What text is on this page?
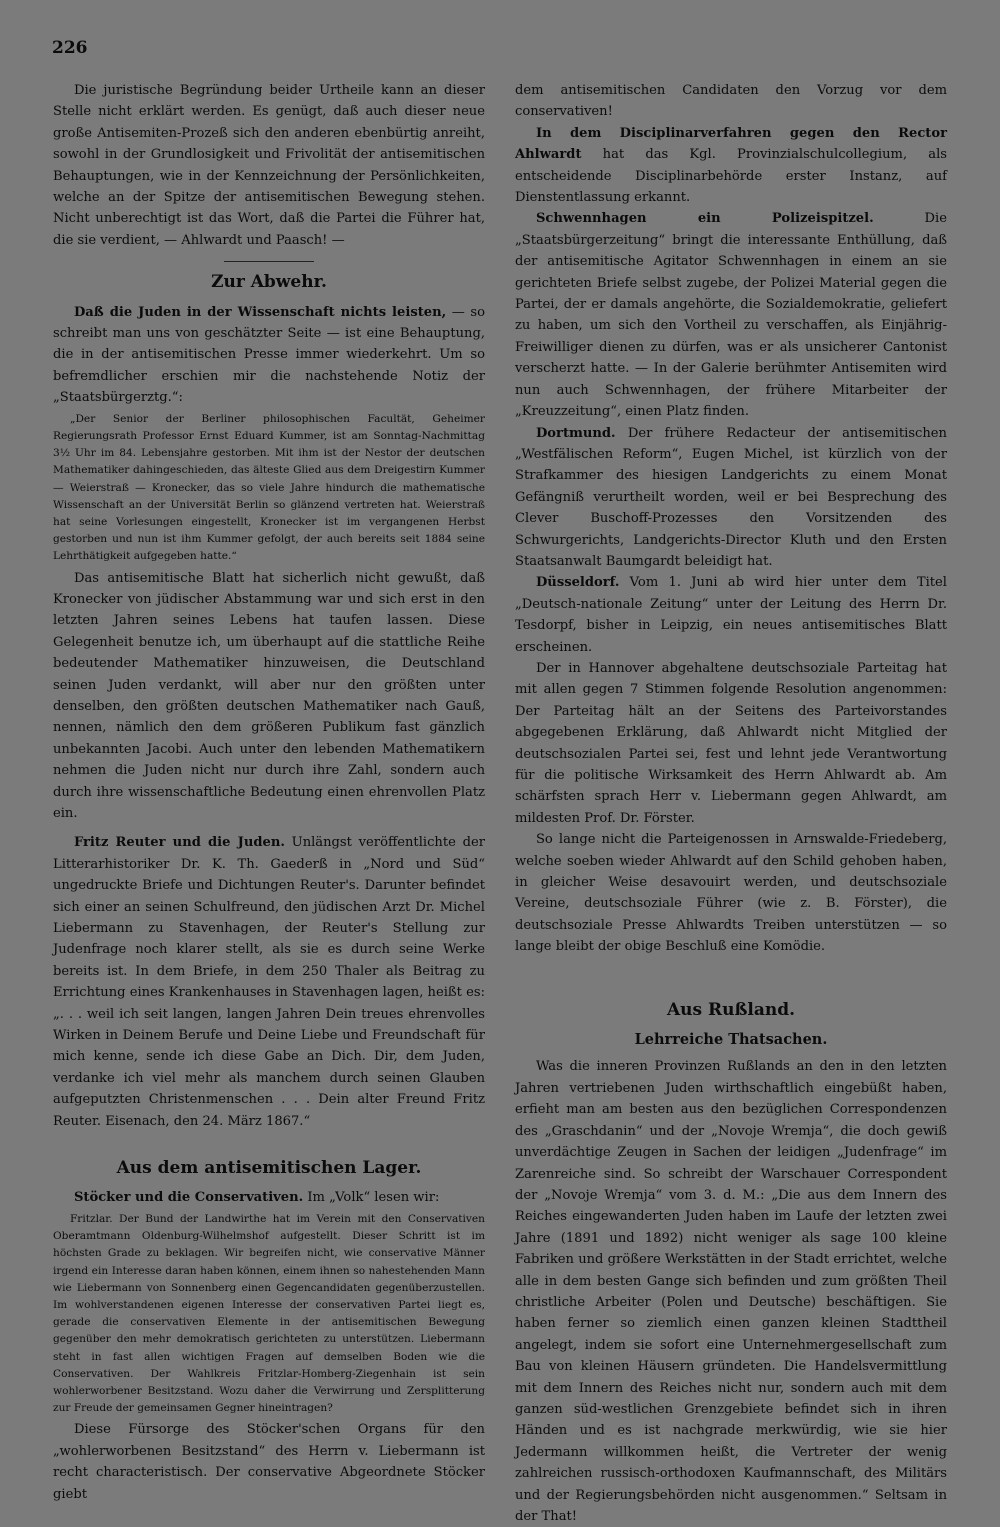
226

Die juristische Begründung beider Urtheile kann an dieser Stelle nicht erklärt werden. Es genügt, daß auch dieser neue große Antisemiten-Prozeß sich den anderen ebenbürtig anreiht, sowohl in der Grundlosigkeit und Frivolität der antisemitischen Behauptungen, wie in der Kennzeichnung der Persönlichkeiten, welche an der Spitze der antisemitischen Bewegung stehen. Nicht unberechtigt ist das Wort, daß die Partei die Führer hat, die sie verdient, — Ahlwardt und Paasch! —

Zur Abwehr.

Daß die Juden in der Wissenschaft nichts leisten, — so schreibt man uns von geschätzter Seite — ist eine Behauptung, die in der antisemitischen Presse immer wiederkehrt. Um so befremdlicher erschien mir die nachstehende Notiz der „Staatsbürgerztg.“:

„Der Senior der Berliner philosophischen Facultät, Geheimer Regierungsrath Professor Ernst Eduard Kummer, ist am Sonntag-Nachmittag 3½ Uhr im 84. Lebensjahre gestorben. Mit ihm ist der Nestor der deutschen Mathematiker dahingeschieden, das älteste Glied aus dem Dreigestirn Kummer — Weierstraß — Kronecker, das so viele Jahre hindurch die mathematische Wissenschaft an der Universität Berlin so glänzend vertreten hat. Weierstraß hat seine Vorlesungen eingestellt, Kronecker ist im vergangenen Herbst gestorben und nun ist ihm Kummer gefolgt, der auch bereits seit 1884 seine Lehrthätigkeit aufgegeben hatte.“

Das antisemitische Blatt hat sicherlich nicht gewußt, daß Kronecker von jüdischer Abstammung war und sich erst in den letzten Jahren seines Lebens hat taufen lassen. Diese Gelegenheit benutze ich, um überhaupt auf die stattliche Reihe bedeutender Mathematiker hinzuweisen, die Deutschland seinen Juden verdankt, will aber nur den größten unter denselben, den größten deutschen Mathematiker nach Gauß, nennen, nämlich den dem größeren Publikum fast gänzlich unbekannten Jacobi. Auch unter den lebenden Mathematikern nehmen die Juden nicht nur durch ihre Zahl, sondern auch durch ihre wissenschaftliche Bedeutung einen ehrenvollen Platz ein.

Fritz Reuter und die Juden. Unlängst veröffentlichte der Litterarhistoriker Dr. K. Th. Gaederß in „Nord und Süd“ ungedruckte Briefe und Dichtungen Reuter's. Darunter befindet sich einer an seinen Schulfreund, den jüdischen Arzt Dr. Michel Liebermann zu Stavenhagen, der Reuter's Stellung zur Judenfrage noch klarer stellt, als sie es durch seine Werke bereits ist. In dem Briefe, in dem 250 Thaler als Beitrag zu Errichtung eines Krankenhauses in Stavenhagen lagen, heißt es: „. . . weil ich seit langen, langen Jahren Dein treues ehrenvolles Wirken in Deinem Berufe und Deine Liebe und Freundschaft für mich kenne, sende ich diese Gabe an Dich. Dir, dem Juden, verdanke ich viel mehr als manchem durch seinen Glauben aufgeputzten Christenmenschen . . . Dein alter Freund Fritz Reuter. Eisenach, den 24. März 1867.“

Aus dem antisemitischen Lager.

Stöcker und die Conservativen. Im „Volk“ lesen wir:

Fritzlar. Der Bund der Landwirthe hat im Verein mit den Conservativen Oberamtmann Oldenburg-Wilhelmshof aufgestellt. Dieser Schritt ist im höchsten Grade zu beklagen. Wir begreifen nicht, wie conservative Männer irgend ein Interesse daran haben können, einem ihnen so nahestehenden Mann wie Liebermann von Sonnenberg einen Gegencandidaten gegenüberzustellen. Im wohlverstandenen eigenen Interesse der conservativen Partei liegt es, gerade die conservativen Elemente in der antisemitischen Bewegung gegenüber den mehr demokratisch gerichteten zu unterstützen. Liebermann steht in fast allen wichtigen Fragen auf demselben Boden wie die Conservativen. Der Wahlkreis Fritzlar-Homberg-Ziegenhain ist sein wohlerworbener Besitzstand. Wozu daher die Verwirrung und Zersplitterung zur Freude der gemeinsamen Gegner hineintragen?

Diese Fürsorge des Stöcker'schen Organs für den „wohlerworbenen Besitzstand“ des Herrn v. Liebermann ist recht characteristisch. Der conservative Abgeordnete Stöcker giebt

dem antisemitischen Candidaten den Vorzug vor dem conservativen!

In dem Disciplinarverfahren gegen den Rector Ahlwardt hat das Kgl. Provinzialschulcollegium, als entscheidende Disciplinarbehörde erster Instanz, auf Dienstentlassung erkannt.

Schwennhagen ein Polizeispitzel. Die „Staatsbürgerzeitung“ bringt die interessante Enthüllung, daß der antisemitische Agitator Schwennhagen in einem an sie gerichteten Briefe selbst zugebe, der Polizei Material gegen die Partei, der er damals angehörte, die Sozialdemokratie, geliefert zu haben, um sich den Vortheil zu verschaffen, als Einjährig-Freiwilliger dienen zu dürfen, was er als unsicherer Cantonist verscherzt hatte. — In der Galerie berühmter Antisemiten wird nun auch Schwennhagen, der frühere Mitarbeiter der „Kreuzzeitung“, einen Platz finden.

Dortmund. Der frühere Redacteur der antisemitischen „Westfälischen Reform“, Eugen Michel, ist kürzlich von der Strafkammer des hiesigen Landgerichts zu einem Monat Gefängniß verurtheilt worden, weil er bei Besprechung des Clever Buschoff-Prozesses den Vorsitzenden des Schwurgerichts, Landgerichts-Director Kluth und den Ersten Staatsanwalt Baumgardt beleidigt hat.

Düsseldorf. Vom 1. Juni ab wird hier unter dem Titel „Deutsch-nationale Zeitung“ unter der Leitung des Herrn Dr. Tesdorpf, bisher in Leipzig, ein neues antisemitisches Blatt erscheinen.

Der in Hannover abgehaltene deutschsoziale Parteitag hat mit allen gegen 7 Stimmen folgende Resolution angenommen: Der Parteitag hält an der Seitens des Parteivorstandes abgegebenen Erklärung, daß Ahlwardt nicht Mitglied der deutschsozialen Partei sei, fest und lehnt jede Verantwortung für die politische Wirksamkeit des Herrn Ahlwardt ab. Am schärfsten sprach Herr v. Liebermann gegen Ahlwardt, am mildesten Prof. Dr. Förster.

So lange nicht die Parteigenossen in Arnswalde-Friedeberg, welche soeben wieder Ahlwardt auf den Schild gehoben haben, in gleicher Weise desavouirt werden, und deutschsoziale Vereine, deutschsoziale Führer (wie z. B. Förster), die deutschsoziale Presse Ahlwardts Treiben unterstützen — so lange bleibt der obige Beschluß eine Komödie.

Aus Rußland.
Lehrreiche Thatsachen.

Was die inneren Provinzen Rußlands an den in den letzten Jahren vertriebenen Juden wirthschaftlich eingebüßt haben, erfieht man am besten aus den bezüglichen Correspondenzen des „Graschdanin“ und der „Novoje Wremja“, die doch gewiß unverdächtige Zeugen in Sachen der leidigen „Judenfrage“ im Zarenreiche sind. So schreibt der Warschauer Correspondent der „Novoje Wremja“ vom 3. d. M.: „Die aus dem Innern des Reiches eingewanderten Juden haben im Laufe der letzten zwei Jahre (1891 und 1892) nicht weniger als sage 100 kleine Fabriken und größere Werkstätten in der Stadt errichtet, welche alle in dem besten Gange sich befinden und zum größten Theil christliche Arbeiter (Polen und Deutsche) beschäftigen. Sie haben ferner so ziemlich einen ganzen kleinen Stadttheil angelegt, indem sie sofort eine Unternehmergesellschaft zum Bau von kleinen Häusern gründeten. Die Handelsvermittlung mit dem Innern des Reiches nicht nur, sondern auch mit dem ganzen süd-westlichen Grenzgebiete befindet sich in ihren Händen und es ist nachgrade merkwürdig, wie sie hier Jedermann willkommen heißt, die Vertreter der wenig zahlreichen russisch-orthodoxen Kaufmannschaft, des Militärs und der Regierungsbehörden nicht ausgenommen.“ Seltsam in der That!
